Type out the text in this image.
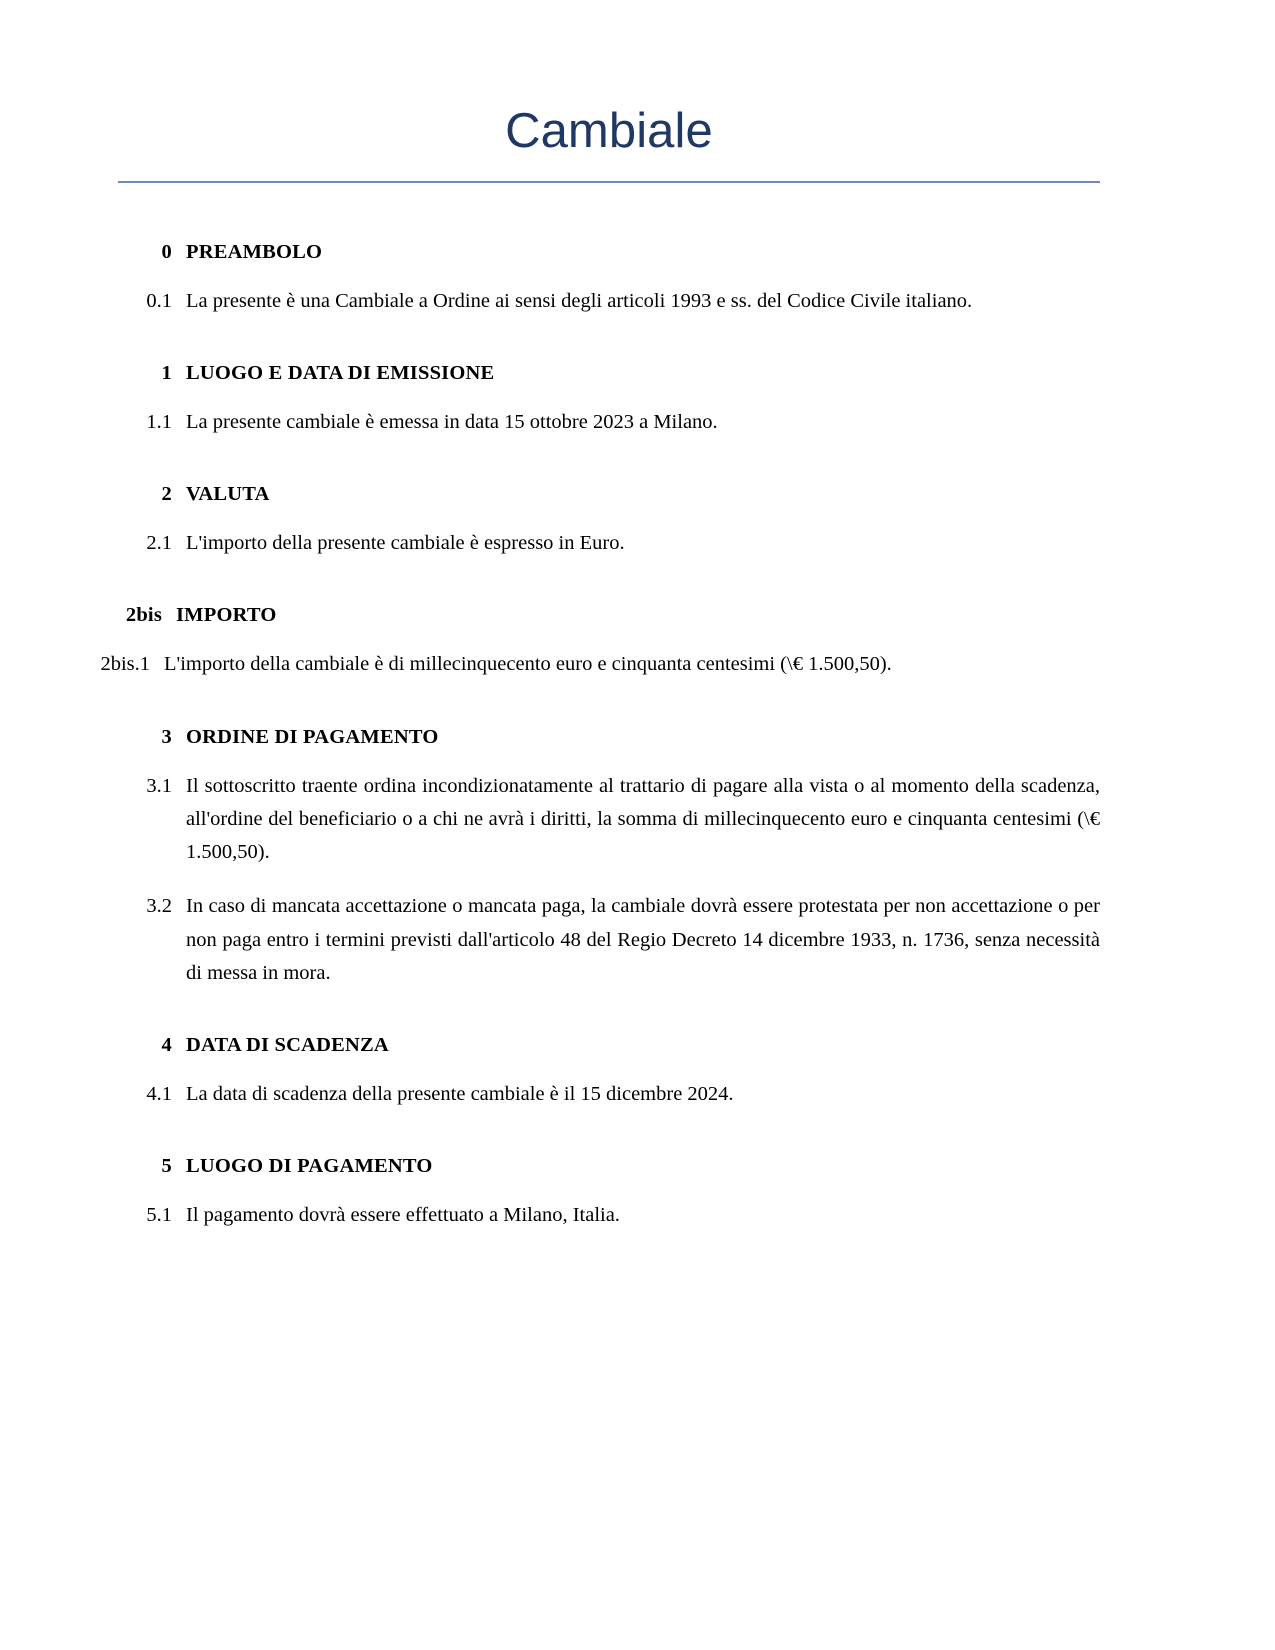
Cambiale
0 PREAMBOLO
0.1 La presente è una Cambiale a Ordine ai sensi degli articoli 1993 e ss. del Codice Civile italiano.
1 LUOGO E DATA DI EMISSIONE
1.1 La presente cambiale è emessa in data 15 ottobre 2023 a Milano.
2 VALUTA
2.1 L'importo della presente cambiale è espresso in Euro.
2bis IMPORTO
2bis.1 L'importo della cambiale è di millecinquecento euro e cinquanta centesimi (\€ 1.500,50).
3 ORDINE DI PAGAMENTO
3.1 Il sottoscritto traente ordina incondizionatamente al trattario di pagare alla vista o al momento della scadenza, all'ordine del beneficiario o a chi ne avrà i diritti, la somma di millecinquecento euro e cinquanta centesimi (\€ 1.500,50).
3.2 In caso di mancata accettazione o mancata paga, la cambiale dovrà essere protestata per non accettazione o per non paga entro i termini previsti dall'articolo 48 del Regio Decreto 14 dicembre 1933, n. 1736, senza necessità di messa in mora.
4 DATA DI SCADENZA
4.1 La data di scadenza della presente cambiale è il 15 dicembre 2024.
5 LUOGO DI PAGAMENTO
5.1 Il pagamento dovrà essere effettuato a Milano, Italia.
